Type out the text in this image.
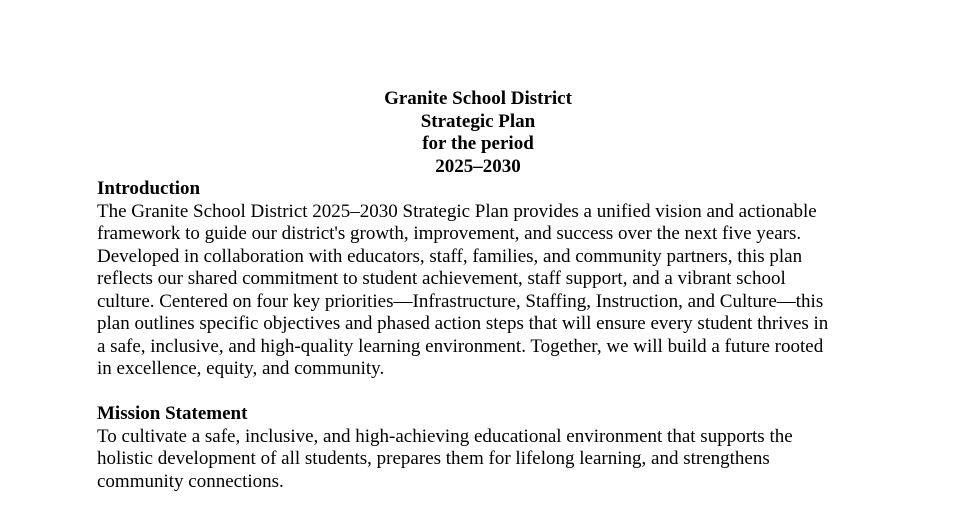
Granite School District
Strategic Plan
for the period
2025–2030
Introduction
The Granite School District 2025–2030 Strategic Plan provides a unified vision and actionable
framework to guide our district's growth, improvement, and success over the next five years.
Developed in collaboration with educators, staff, families, and community partners, this plan
reflects our shared commitment to student achievement, staff support, and a vibrant school
culture. Centered on four key priorities—Infrastructure, Staffing, Instruction, and Culture—this
plan outlines specific objectives and phased action steps that will ensure every student thrives in
a safe, inclusive, and high-quality learning environment. Together, we will build a future rooted
in excellence, equity, and community.
Mission Statement
To cultivate a safe, inclusive, and high-achieving educational environment that supports the
holistic development of all students, prepares them for lifelong learning, and strengthens
community connections.
